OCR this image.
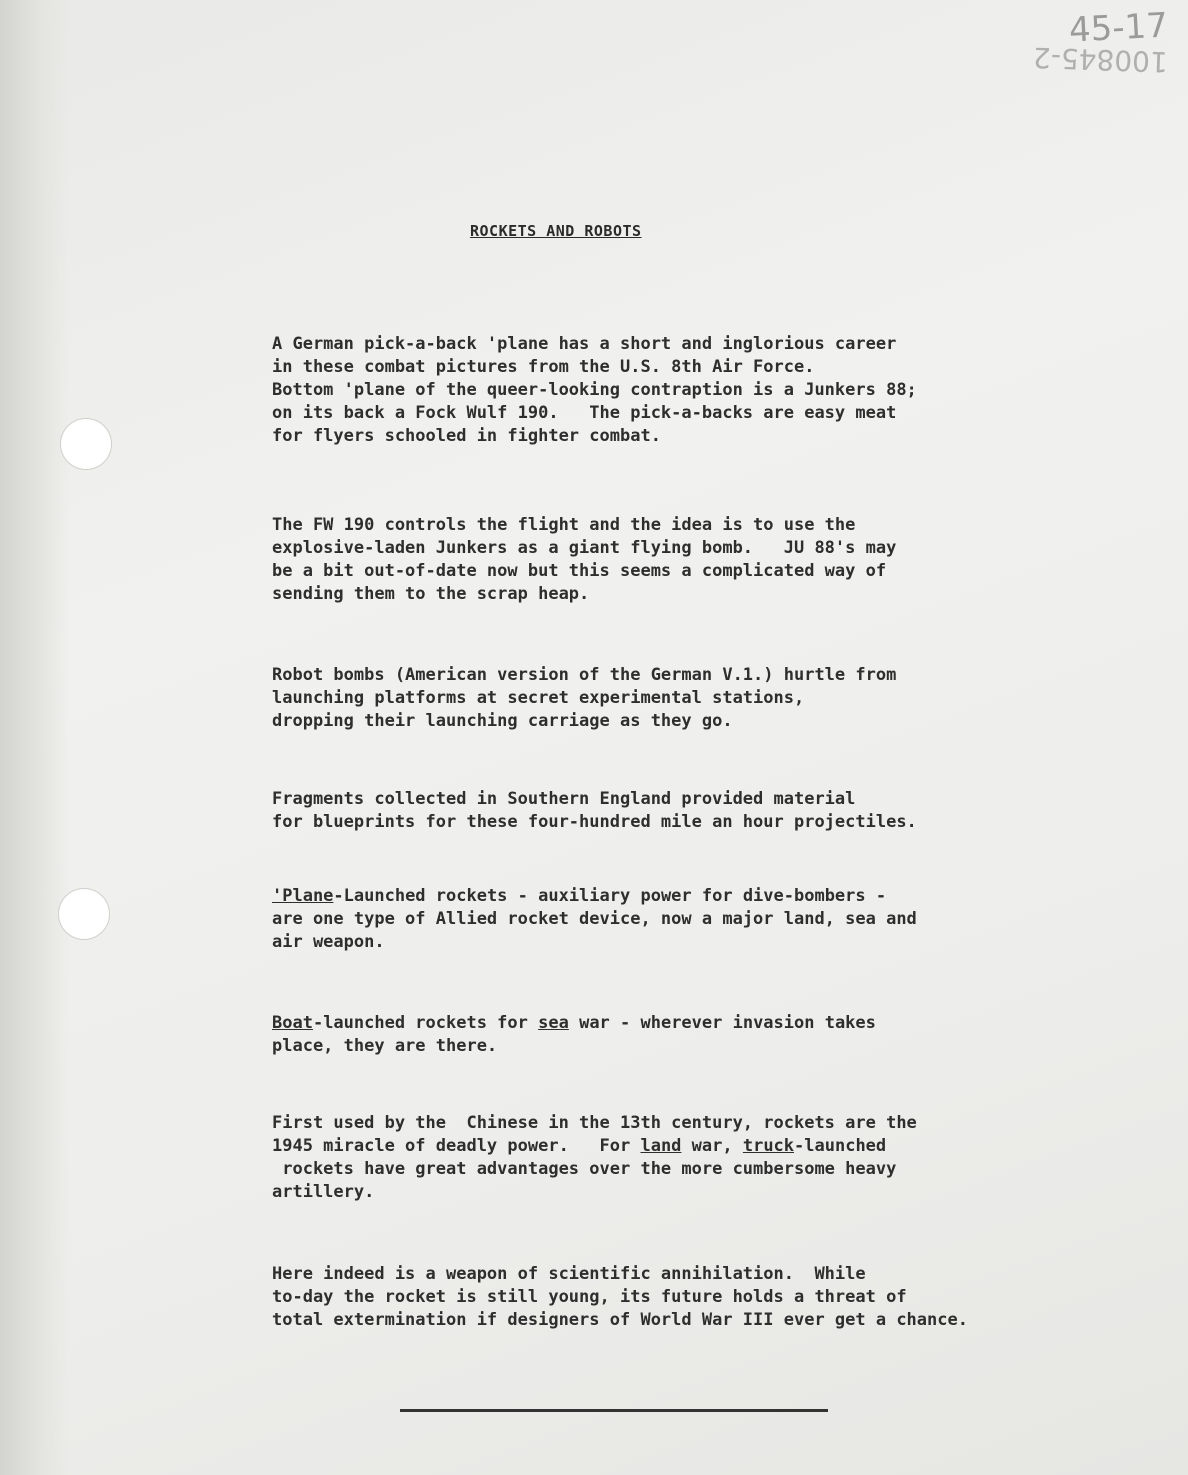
45-17
100845-2
ROCKETS AND ROBOTS

A German pick-a-back 'plane has a short and inglorious career
in these combat pictures from the U.S. 8th Air Force.
Bottom 'plane of the queer-looking contraption is a Junkers 88;
on its back a Fock Wulf 190.   The pick-a-backs are easy meat
for flyers schooled in fighter combat.

The FW 190 controls the flight and the idea is to use the
explosive-laden Junkers as a giant flying bomb.   JU 88's may
be a bit out-of-date now but this seems a complicated way of
sending them to the scrap heap.

Robot bombs (American version of the German V.1.) hurtle from
launching platforms at secret experimental stations,
dropping their launching carriage as they go.

Fragments collected in Southern England provided material
for blueprints for these four-hundred mile an hour projectiles.

'Plane-Launched rockets - auxiliary power for dive-bombers -
are one type of Allied rocket device, now a major land, sea and
air weapon.

Boat-launched rockets for sea war - wherever invasion takes
place, they are there.

First used by the  Chinese in the 13th century, rockets are the
1945 miracle of deadly power.   For land war, truck-launched
rockets have great advantages over the more cumbersome heavy
artillery.

Here indeed is a weapon of scientific annihilation.  While
to-day the rocket is still young, its future holds a threat of
total extermination if designers of World War III ever get a chance.
